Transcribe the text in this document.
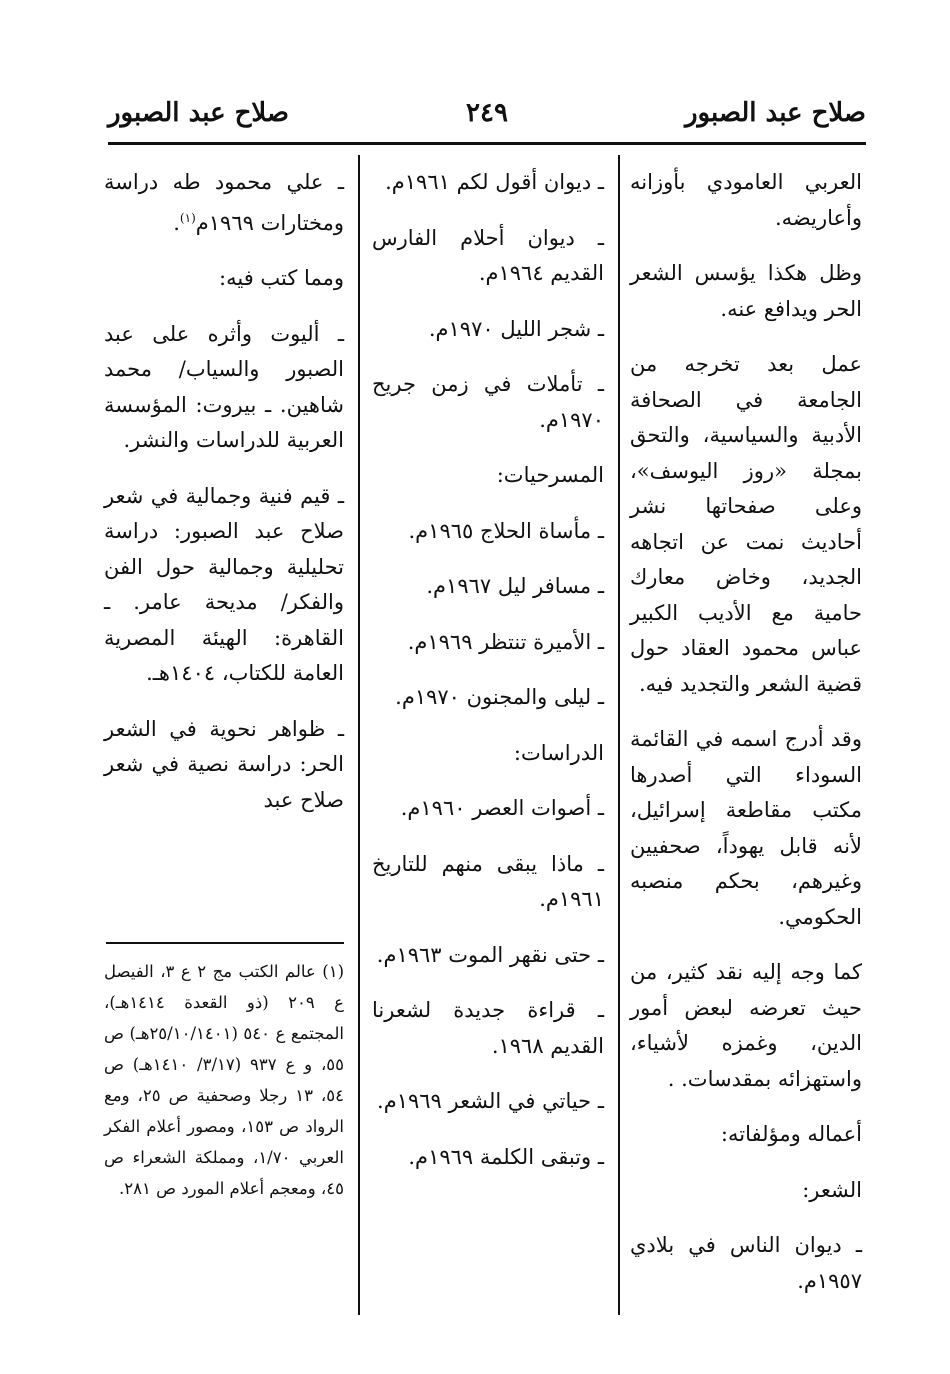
صلاح عبد الصبور
٢٤٩
صلاح عبد الصبور

العربي العامودي بأوزانه وأعاريضه.

وظل هكذا يؤسس الشعر الحر ويدافع عنه.

عمل بعد تخرجه من الجامعة في الصحافة الأدبية والسياسية، والتحق بمجلة «روز اليوسف»، وعلى صفحاتها نشر أحاديث نمت عن اتجاهه الجديد، وخاض معارك حامية مع الأديب الكبير عباس محمود العقاد حول قضية الشعر والتجديد فيه.

وقد أدرج اسمه في القائمة السوداء التي أصدرها مكتب مقاطعة إسرائيل، لأنه قابل يهوداً، صحفيين وغيرهم، بحكم منصبه الحكومي.

كما وجه إليه نقد كثير، من حيث تعرضه لبعض أمور الدين، وغمزه لأشياء، واستهزائه بمقدسات. .

أعماله ومؤلفاته:

الشعر:

ـ ديوان الناس في بلادي ١٩٥٧م.

ـ ديوان أقول لكم ١٩٦١م.

ـ ديوان أحلام الفارس القديم ١٩٦٤م.

ـ شجر الليل ١٩٧٠م.

ـ تأملات في زمن جريح ١٩٧٠م.

المسرحيات:

ـ مأساة الحلاج ١٩٦٥م.

ـ مسافر ليل ١٩٦٧م.

ـ الأميرة تنتظر ١٩٦٩م.

ـ ليلى والمجنون ١٩٧٠م.

الدراسات:

ـ أصوات العصر ١٩٦٠م.

ـ ماذا يبقى منهم للتاريخ ١٩٦١م.

ـ حتى نقهر الموت ١٩٦٣م.

ـ قراءة جديدة لشعرنا القديم ١٩٦٨.

ـ حياتي في الشعر ١٩٦٩م.

ـ وتبقى الكلمة ١٩٦٩م.

ـ علي محمود طه دراسة ومختارات ١٩٦٩م$^{(١)}$.

ومما كتب فيه:

ـ أليوت وأثره على عبد الصبور والسياب/ محمد شاهين. ـ بيروت: المؤسسة العربية للدراسات والنشر.

ـ قيم فنية وجمالية في شعر صلاح عبد الصبور: دراسة تحليلية وجمالية حول الفن والفكر/ مديحة عامر. ـ القاهرة: الهيئة المصرية العامة للكتاب، ١٤٠٤هـ.

ـ ظواهر نحوية في الشعر الحر: دراسة نصية في شعر صلاح عبد

(١) عالم الكتب مج ٢ ع ٣، الفيصل ع ٢٠٩ (ذو القعدة ١٤١٤هـ)، المجتمع ع ٥٤٠ (٢٥/١٠/١٤٠١هـ) ص ٥٥، و ع ٩٣٧ (٣/١٧/ ١٤١٠هـ) ص ٥٤، ١٣ رجلا وصحفية ص ٢٥، ومع الرواد ص ١٥٣، ومصور أعلام الفكر العربي ١/٧٠، ومملكة الشعراء ص ٤٥، ومعجم أعلام المورد ص ٢٨١.
